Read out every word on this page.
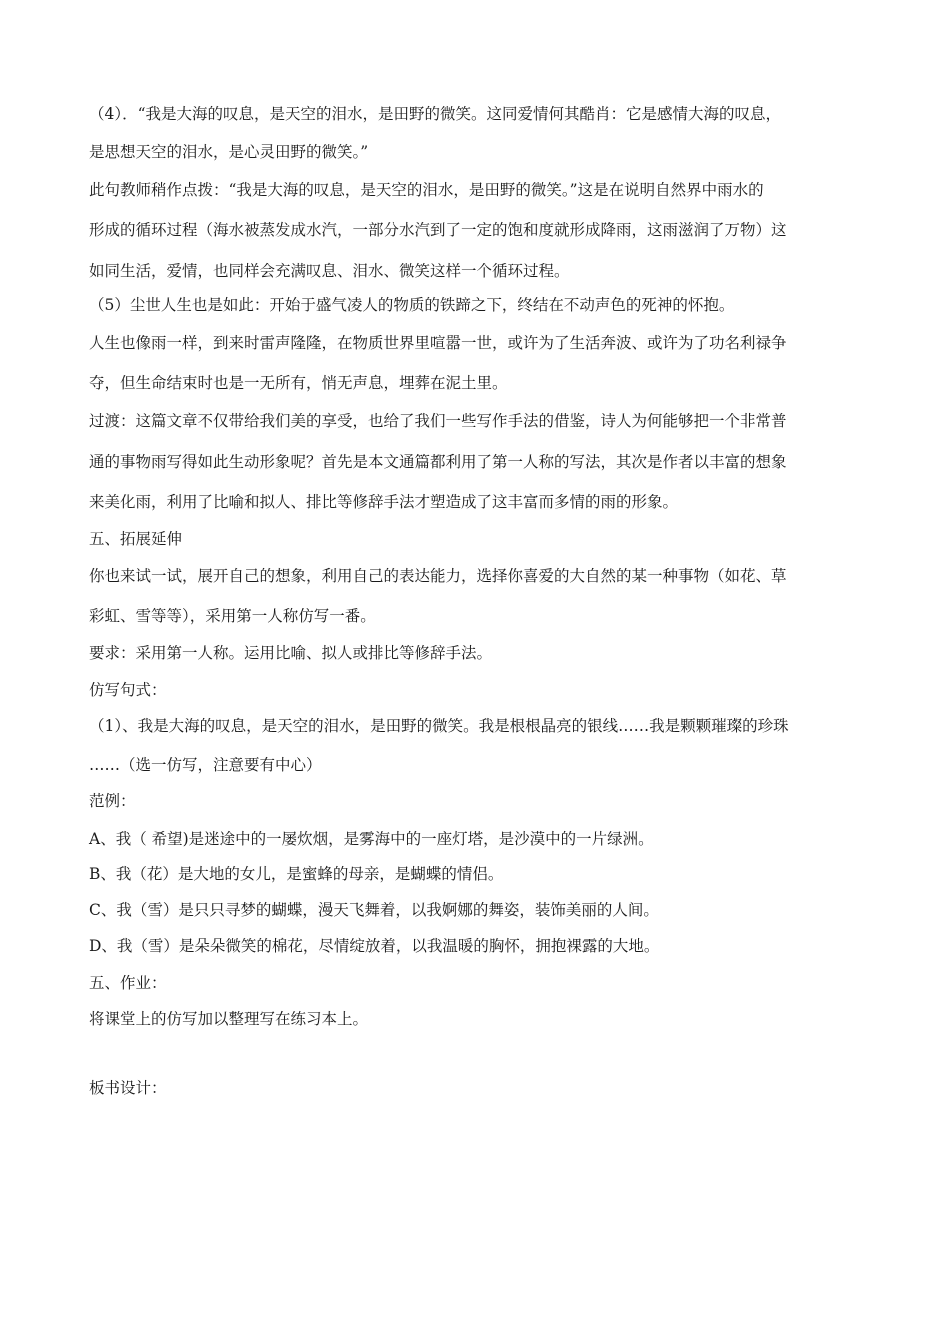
（4）．“我是大海的叹息，是天空的泪水，是田野的微笑。这同爱情何其酷肖：它是感情大海的叹息，
是思想天空的泪水，是心灵田野的微笑。”
此句教师稍作点拨：“我是大海的叹息，是天空的泪水，是田野的微笑。”这是在说明自然界中雨水的
形成的循环过程（海水被蒸发成水汽，一部分水汽到了一定的饱和度就形成降雨，这雨滋润了万物）这
如同生活，爱情，也同样会充满叹息、泪水、微笑这样一个循环过程。
（5）尘世人生也是如此：开始于盛气凌人的物质的铁蹄之下，终结在不动声色的死神的怀抱。
人生也像雨一样，到来时雷声隆隆，在物质世界里喧嚣一世，或许为了生活奔波、或许为了功名利禄争
夺，但生命结束时也是一无所有，悄无声息，埋葬在泥土里。
过渡：这篇文章不仅带给我们美的享受，也给了我们一些写作手法的借鉴，诗人为何能够把一个非常普
通的事物雨写得如此生动形象呢？首先是本文通篇都利用了第一人称的写法，其次是作者以丰富的想象
来美化雨，利用了比喻和拟人、排比等修辞手法才塑造成了这丰富而多情的雨的形象。
五、拓展延伸
你也来试一试，展开自己的想象，利用自己的表达能力，选择你喜爱的大自然的某一种事物（如花、草
彩虹、雪等等），采用第一人称仿写一番。
要求：采用第一人称。运用比喻、拟人或排比等修辞手法。
仿写句式：
（1）、我是大海的叹息，是天空的泪水，是田野的微笑。我是根根晶亮的银线……我是颗颗璀璨的珍珠
……（选一仿写，注意要有中心）
范例：
A、我（ 希望)是迷途中的一屡炊烟，是雾海中的一座灯塔，是沙漠中的一片绿洲。
B、我（花）是大地的女儿，是蜜蜂的母亲，是蝴蝶的情侣。
C、我（雪）是只只寻梦的蝴蝶，漫天飞舞着，以我婀娜的舞姿，装饰美丽的人间。
D、我（雪）是朵朵微笑的棉花，尽情绽放着，以我温暖的胸怀，拥抱裸露的大地。
五、作业：
将课堂上的仿写加以整理写在练习本上。
板书设计：
